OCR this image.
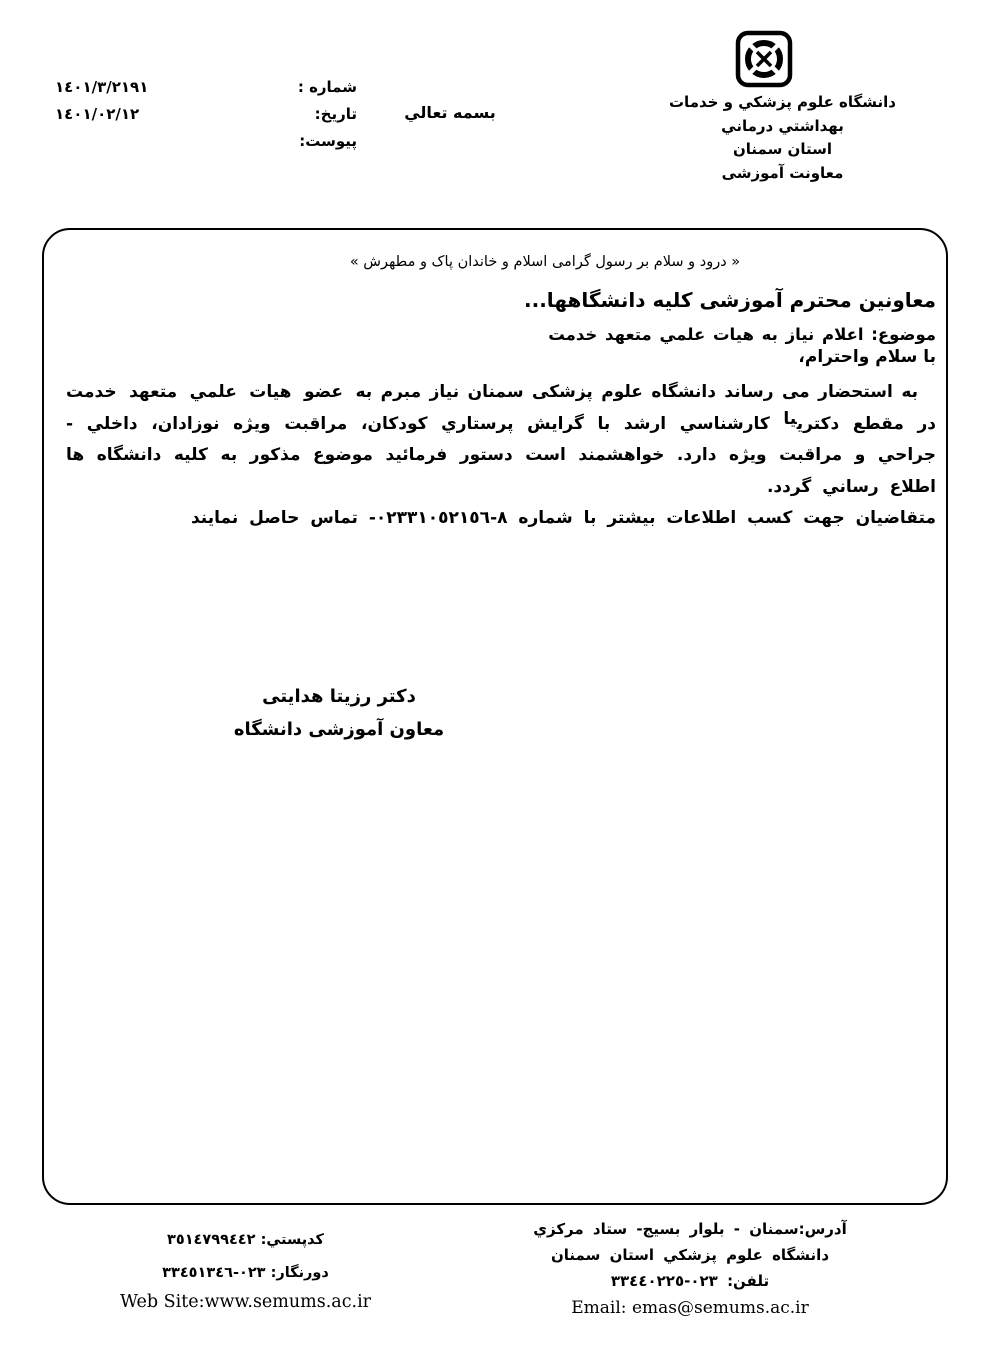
دانشگاه علوم پزشكي و خدمات
بهداشتي درماني
استان سمنان
معاونت آموزشی
بسمه تعالي
شماره :
١٤٠١/٣/٢١٩١
تاريخ:
١٤٠١/٠٢/١٢
پيوست:
« درود و سلام بر رسول گرامی اسلام و خاندان پاک و مطهرش »
معاونین محترم آموزشی کلیه دانشگاهها...
موضوع: اعلام نياز به هيات علمي متعهد خدمت
با سلام واحترام،

به استحضار می رساند دانشگاه علوم پزشکی سمنان نیاز مبرم به عضو هيات علمي متعهد خدمت در مقطع دكتريیا كارشناسي ارشد با گرايش پرستاري كودكان، مراقبت ويژه نوزادان، داخلي - جراحي و مراقبت ويژه دارد. خواهشمند است دستور فرمائيد موضوع مذكور به كليه دانشگاه ها اطلاع رساني گردد.

متقاضيان جهت كسب اطلاعات بيشتر با شماره ٨-٠٢٣٣١٠٥٢١٥٦- تماس حاصل نمايند

دکتر رزیتا هدایتی
معاون آموزشی دانشگاه
آدرس:سمنان - بلوار بسيج- ستاد مركزي
دانشگاه علوم پزشكي استان سمنان
تلفن: ٠٢٣-٣٣٤٤٠٢٢٥
Email: emas@semums.ac.ir
كدپستي: ٣٥١٤٧٩٩٤٤٢
دورنگار: ٠٢٣-٣٣٤٥١٣٤٦
Web Site:www.semums.ac.ir
